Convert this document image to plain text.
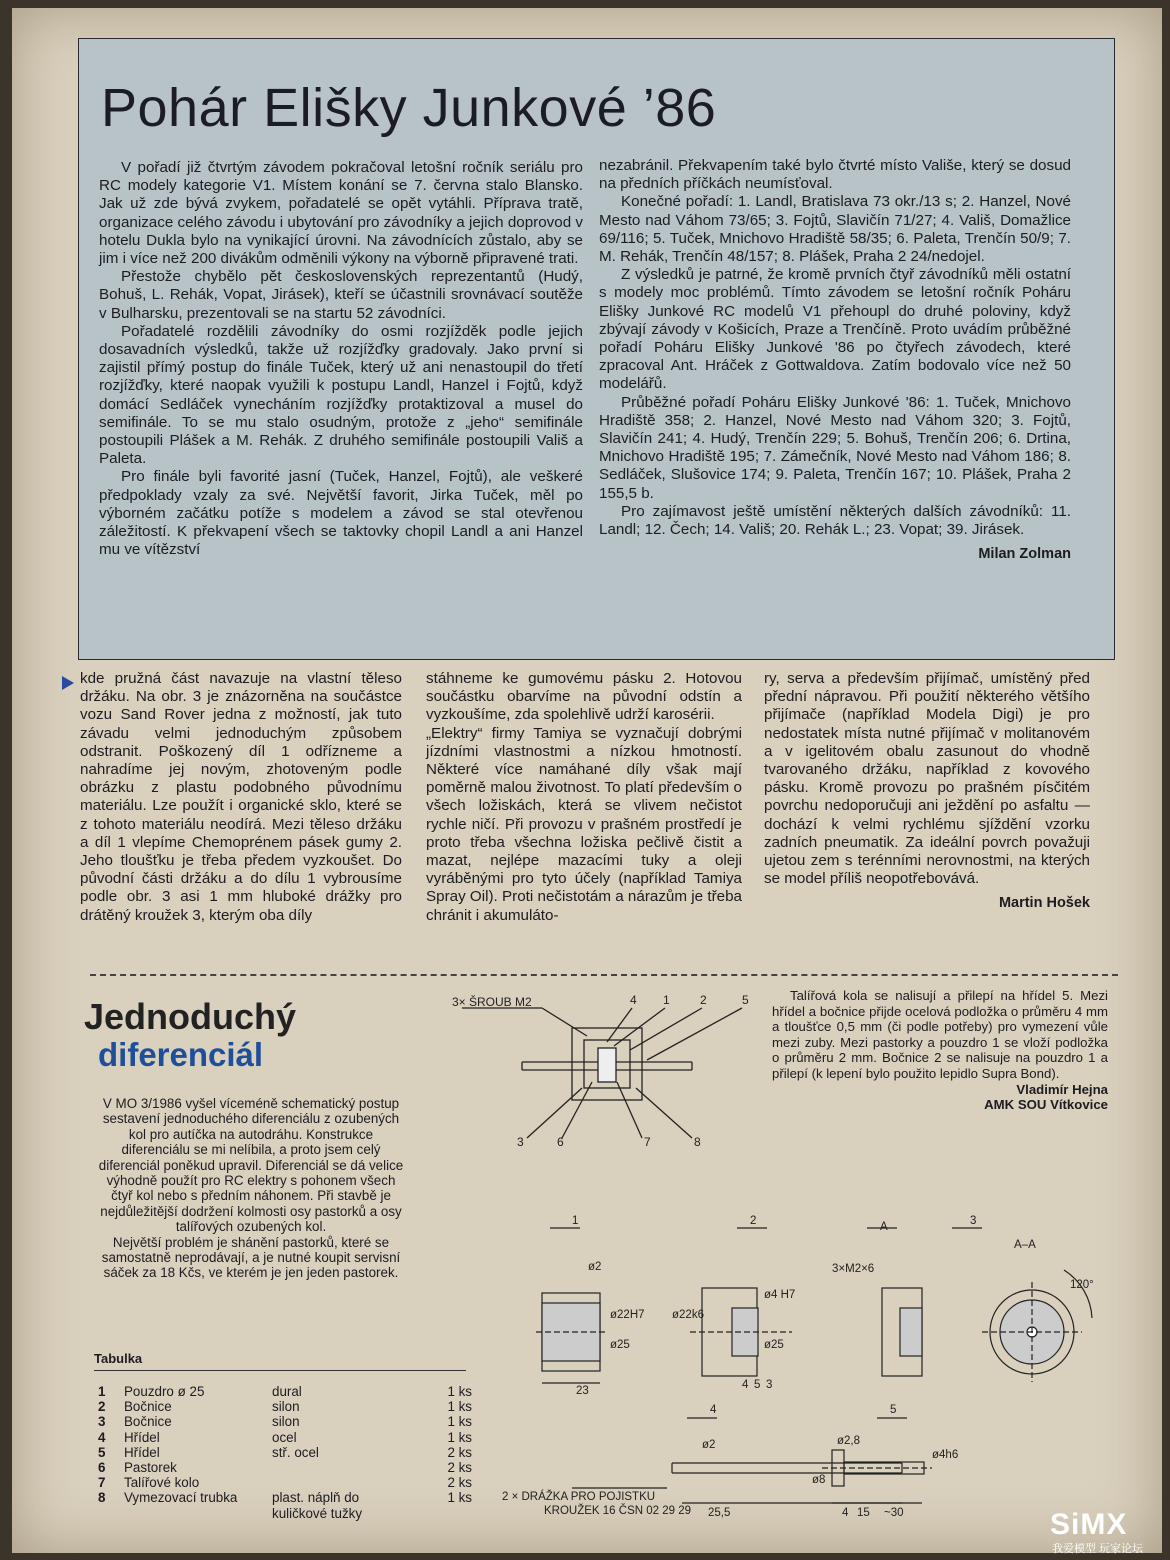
Pohár Elišky Junkové ’86

V pořadí již čtvrtým závodem pokračoval letošní ročník seriálu pro RC modely kategorie V1. Místem konání se 7. června stalo Blansko. Jak už zde bývá zvykem, pořadatelé se opět vytáhli. Příprava tratě, organizace celého závodu i ubytování pro závodníky a jejich doprovod v hotelu Dukla bylo na vynikající úrovni. Na závodnících zůstalo, aby se jim i více než 200 divákům odměnili výkony na výborně připravené trati.

Přestože chybělo pět československých reprezentantů (Hudý, Bohuš, L. Rehák, Vopat, Jirásek), kteří se účastnili srovnávací soutěže v Bulharsku, prezentovali se na startu 52 závodníci.

Pořadatelé rozdělili závodníky do osmi rozjížděk podle jejich dosavadních výsledků, takže už rozjížďky gradovaly. Jako první si zajistil přímý postup do finále Tuček, který už ani nenastoupil do třetí rozjížďky, které naopak využili k postupu Landl, Hanzel i Fojtů, když domácí Sedláček vynecháním rozjížďky protaktizoval a musel do semifinále. To se mu stalo osudným, protože z „jeho“ semifinále postoupili Plášek a M. Rehák. Z druhého semifinále postoupili Vališ a Paleta.

Pro finále byli favorité jasní (Tuček, Hanzel, Fojtů), ale veškeré předpoklady vzaly za své. Největší favorit, Jirka Tuček, měl po výborném začátku potíže s modelem a závod se stal otevřenou záležitostí. K překvapení všech se taktovky chopil Landl a ani Hanzel mu ve vítězství

nezabránil. Překvapením také bylo čtvrté místo Vališe, který se dosud na předních příčkách neumísťoval.

Konečné pořadí: 1. Landl, Bratislava 73 okr./13 s; 2. Hanzel, Nové Mesto nad Váhom 73/65; 3. Fojtů, Slavičín 71/27; 4. Vališ, Domažlice 69/116; 5. Tuček, Mnichovo Hradiště 58/35; 6. Paleta, Trenčín 50/9; 7. M. Rehák, Trenčín 48/157; 8. Plášek, Praha 2 24/nedojel.

Z výsledků je patrné, že kromě prvních čtyř závodníků měli ostatní s modely moc problémů. Tímto závodem se letošní ročník Poháru Elišky Junkové RC modelů V1 přehoupl do druhé poloviny, když zbývají závody v Košicích, Praze a Trenčíně. Proto uvádím průběžné pořadí Poháru Elišky Junkové '86 po čtyřech závodech, které zpracoval Ant. Hráček z Gottwaldova. Zatím bodovalo více než 50 modelářů.

Průběžné pořadí Poháru Elišky Junkové '86: 1. Tuček, Mnichovo Hradiště 358; 2. Hanzel, Nové Mesto nad Váhom 320; 3. Fojtů, Slavičín 241; 4. Hudý, Trenčín 229; 5. Bohuš, Trenčín 206; 6. Drtina, Mnichovo Hradiště 195; 7. Zámečník, Nové Mesto nad Váhom 186; 8. Sedláček, Slušovice 174; 9. Paleta, Trenčín 167; 10. Plášek, Praha 2 155,5 b.

Pro zajímavost ještě umístění některých dalších závodníků: 11. Landl; 12. Čech; 14. Vališ; 20. Rehák L.; 23. Vopat; 39. Jirásek.

Milan Zolman

kde pružná část navazuje na vlastní těleso držáku. Na obr. 3 je znázorněna na součástce vozu Sand Rover jedna z možností, jak tuto závadu velmi jednoduchým způsobem odstranit. Poškozený díl 1 odřízneme a nahradíme jej novým, zhotoveným podle obrázku z plastu podobného původnímu materiálu. Lze použít i organické sklo, které se z tohoto materiálu neodírá. Mezi těleso držáku a díl 1 vlepíme Chemoprénem pásek gumy 2. Jeho tloušťku je třeba předem vyzkoušet. Do původní části držáku a do dílu 1 vybrousíme podle obr. 3 asi 1 mm hluboké drážky pro drátěný kroužek 3, kterým oba díly

stáhneme ke gumovému pásku 2. Hotovou součástku obarvíme na původní odstín a vyzkoušíme, zda spolehlivě udrží karosérii.

„Elektry“ firmy Tamiya se vyznačují dobrými jízdními vlastnostmi a nízkou hmotností. Některé více namáhané díly však mají poměrně malou životnost. To platí především o všech ložiskách, která se vlivem nečistot rychle ničí. Při provozu v prašném prostředí je proto třeba všechna ložiska pečlivě čistit a mazat, nejlépe mazacími tuky a oleji vyráběnými pro tyto účely (například Tamiya Spray Oil). Proti nečistotám a nárazům je třeba chránit i akumuláto-

ry, serva a především přijímač, umístěný před přední nápravou. Při použití některého většího přijímače (například Modela Digi) je pro nedostatek místa nutné přijímač v molitanovém a v igelitovém obalu zasunout do vhodně tvarovaného držáku, například z kovového pásku. Kromě provozu po prašném písčitém povrchu nedoporučuji ani ježdění po asfaltu — dochází k velmi rychlému sjíždění vzorku zadních pneumatik. Za ideální povrch považuji ujetou zem s terénními nerovnostmi, na kterých se model příliš neopotřebovává.

Martin Hošek
Jednoduchý
diferenciál

V MO 3/1986 vyšel víceméně schematický postup sestavení jednoduchého diferenciálu z ozubených kol pro autíčka na autodráhu. Konstrukce diferenciálu se mi nelíbila, a proto jsem celý diferenciál poněkud upravil. Diferenciál se dá velice výhodně použít pro RC elektry s pohonem všech čtyř kol nebo s předním náhonem. Při stavbě je nejdůležitější dodržení kolmosti osy pastorků a osy talířových ozubených kol.

Největší problém je shánění pastorků, které se samostatně neprodávají, a je nutné koupit servisní sáček za 18 Kčs, ve kterém je jen jeden pastorek.

Tabulka
1	Pouzdro ø 25	dural	1 ks
2	Bočnice	silon	1 ks
3	Bočnice	silon	1 ks
4	Hřídel	ocel	1 ks
5	Hřídel	stř. ocel	2 ks
6	Pastorek		2 ks
7	Talířové kolo		2 ks
8	Vymezovací trubka	plast. náplň do kuličkové tužky	1 ks

Talířová kola se nalisují a přilepí na hřídel 5. Mezi hřídel a bočnice přijde ocelová podložka o průměru 4 mm a tloušťce 0,5 mm (či podle potřeby) pro vymezení vůle mezi zuby. Mezi pastorky a pouzdro 1 se vloží podložka o průměru 2 mm. Bočnice 2 se nalisuje na pouzdro 1 a přilepí (k lepení bylo použito lepidlo Supra Bond).

Vladimír Hejna
AMK SOU Vítkovice
3× ŠROUB M2	4 1	2	5
3	6	7	8
1	2	3
4	5
A
A–A
120°
3×M2×6
ø2
23
ø22H7
ø25
ø22k6
ø4 H7
ø25
4 5 3
ø2	ø2,8
ø4h6
ø8
4 15 ~30
25,5
2 × DRÁŽKA PRO POJISTKU
KROUŽEK 16 ČSN 02 29 29	SiMX
我爱模型 玩家论坛
